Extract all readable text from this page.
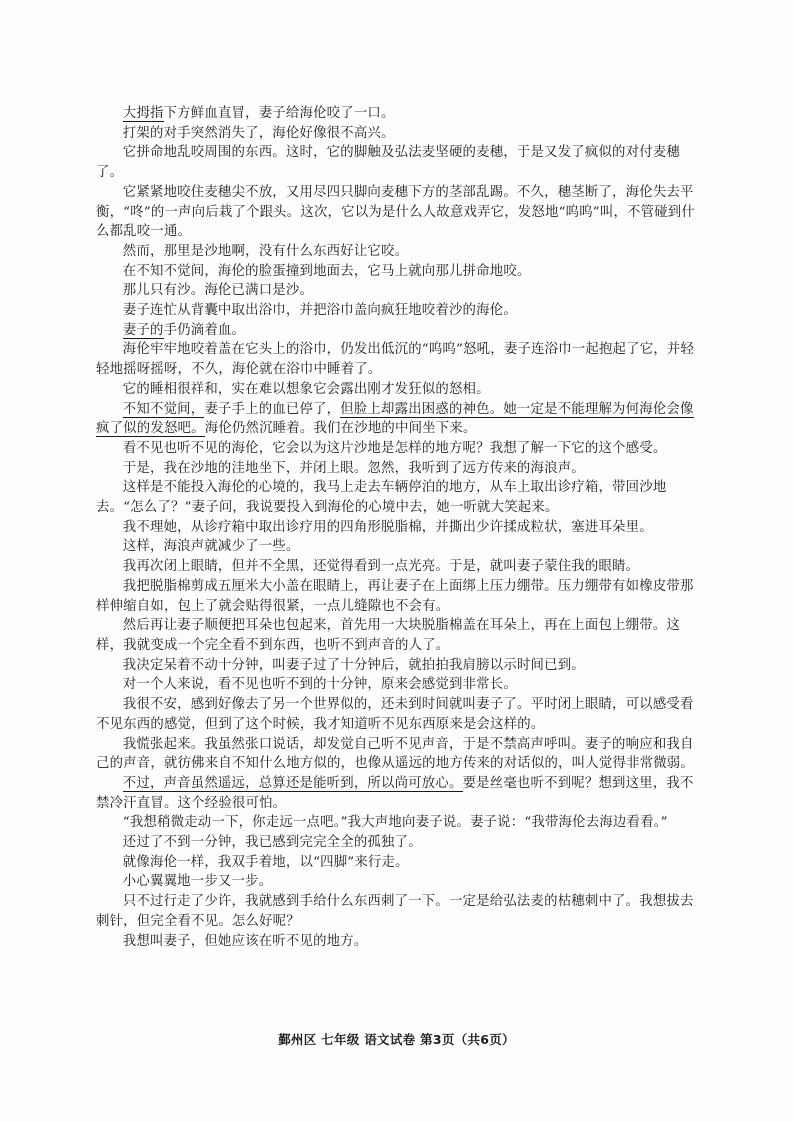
大拇指下方鲜血直冒，妻子给海伦咬了一口。

打架的对手突然消失了，海伦好像很不高兴。

它拼命地乱咬周围的东西。这时，它的脚触及弘法麦坚硬的麦穗，于是又发了疯似的对付麦穗了。

它紧紧地咬住麦穗尖不放，又用尽四只脚向麦穗下方的茎部乱踢。不久，穗茎断了，海伦失去平衡，“咚”的一声向后栽了个跟头。这次，它以为是什么人故意戏弄它，发怒地“呜呜”叫，不管碰到什么都乱咬一通。

然而，那里是沙地啊，没有什么东西好让它咬。

在不知不觉间，海伦的脸蛋撞到地面去，它马上就向那儿拼命地咬。

那儿只有沙。海伦已满口是沙。

妻子连忙从背囊中取出浴巾，并把浴巾盖向疯狂地咬着沙的海伦。

妻子的手仍滴着血。

海伦牢牢地咬着盖在它头上的浴巾，仍发出低沉的“呜呜”怒吼，妻子连浴巾一起抱起了它，并轻轻地摇呀摇呀，不久，海伦就在浴巾中睡着了。

它的睡相很祥和，实在难以想象它会露出刚才发狂似的怒相。

不知不觉间，妻子手上的血已停了，但脸上却露出困惑的神色。她一定是不能理解为何海伦会像疯了似的发怒吧。海伦仍然沉睡着。我们在沙地的中间坐下来。

看不见也听不见的海伦，它会以为这片沙地是怎样的地方呢？我想了解一下它的这个感受。

于是，我在沙地的洼地坐下，并闭上眼。忽然，我听到了远方传来的海浪声。

这样是不能投入海伦的心境的，我马上走去车辆停泊的地方，从车上取出诊疗箱，带回沙地去。“怎么了？”妻子问，我说要投入到海伦的心境中去，她一听就大笑起来。

我不理她，从诊疗箱中取出诊疗用的四角形脱脂棉，并撕出少许揉成粒状，塞进耳朵里。

这样，海浪声就减少了一些。

我再次闭上眼睛，但并不全黑，还觉得看到一点光亮。于是，就叫妻子蒙住我的眼睛。

我把脱脂棉剪成五厘米大小盖在眼睛上，再让妻子在上面绑上压力绷带。压力绷带有如橡皮带那样伸缩自如，包上了就会贴得很紧，一点儿缝隙也不会有。

然后再让妻子顺便把耳朵也包起来，首先用一大块脱脂棉盖在耳朵上，再在上面包上绷带。这样，我就变成一个完全看不到东西，也听不到声音的人了。

我决定呆着不动十分钟，叫妻子过了十分钟后，就拍拍我肩膀以示时间已到。

对一个人来说，看不见也听不到的十分钟，原来会感觉到非常长。

我很不安，感到好像去了另一个世界似的，还未到时间就叫妻子了。平时闭上眼睛，可以感受看不见东西的感觉，但到了这个时候，我才知道听不见东西原来是会这样的。

我慌张起来。我虽然张口说话，却发觉自己听不见声音，于是不禁高声呼叫。妻子的响应和我自己的声音，就彷佛来自不知什么地方似的，也像从遥远的地方传来的对话似的，叫人觉得非常微弱。

不过，声音虽然遥远，总算还是能听到，所以尚可放心。要是丝毫也听不到呢？想到这里，我不禁冷汗直冒。这个经验很可怕。

“我想稍微走动一下，你走远一点吧。”我大声地向妻子说。妻子说：“我带海伦去海边看看。”

还过了不到一分钟，我已感到完完全全的孤独了。

就像海伦一样，我双手着地，以“四脚”来行走。

小心翼翼地一步又一步。

只不过行走了少许，我就感到手给什么东西刺了一下。一定是给弘法麦的枯穗刺中了。我想拔去刺针，但完全看不见。怎么好呢？

我想叫妻子，但她应该在听不见的地方。

鄞州区 七年级 语文试卷 第3页（共6页）
